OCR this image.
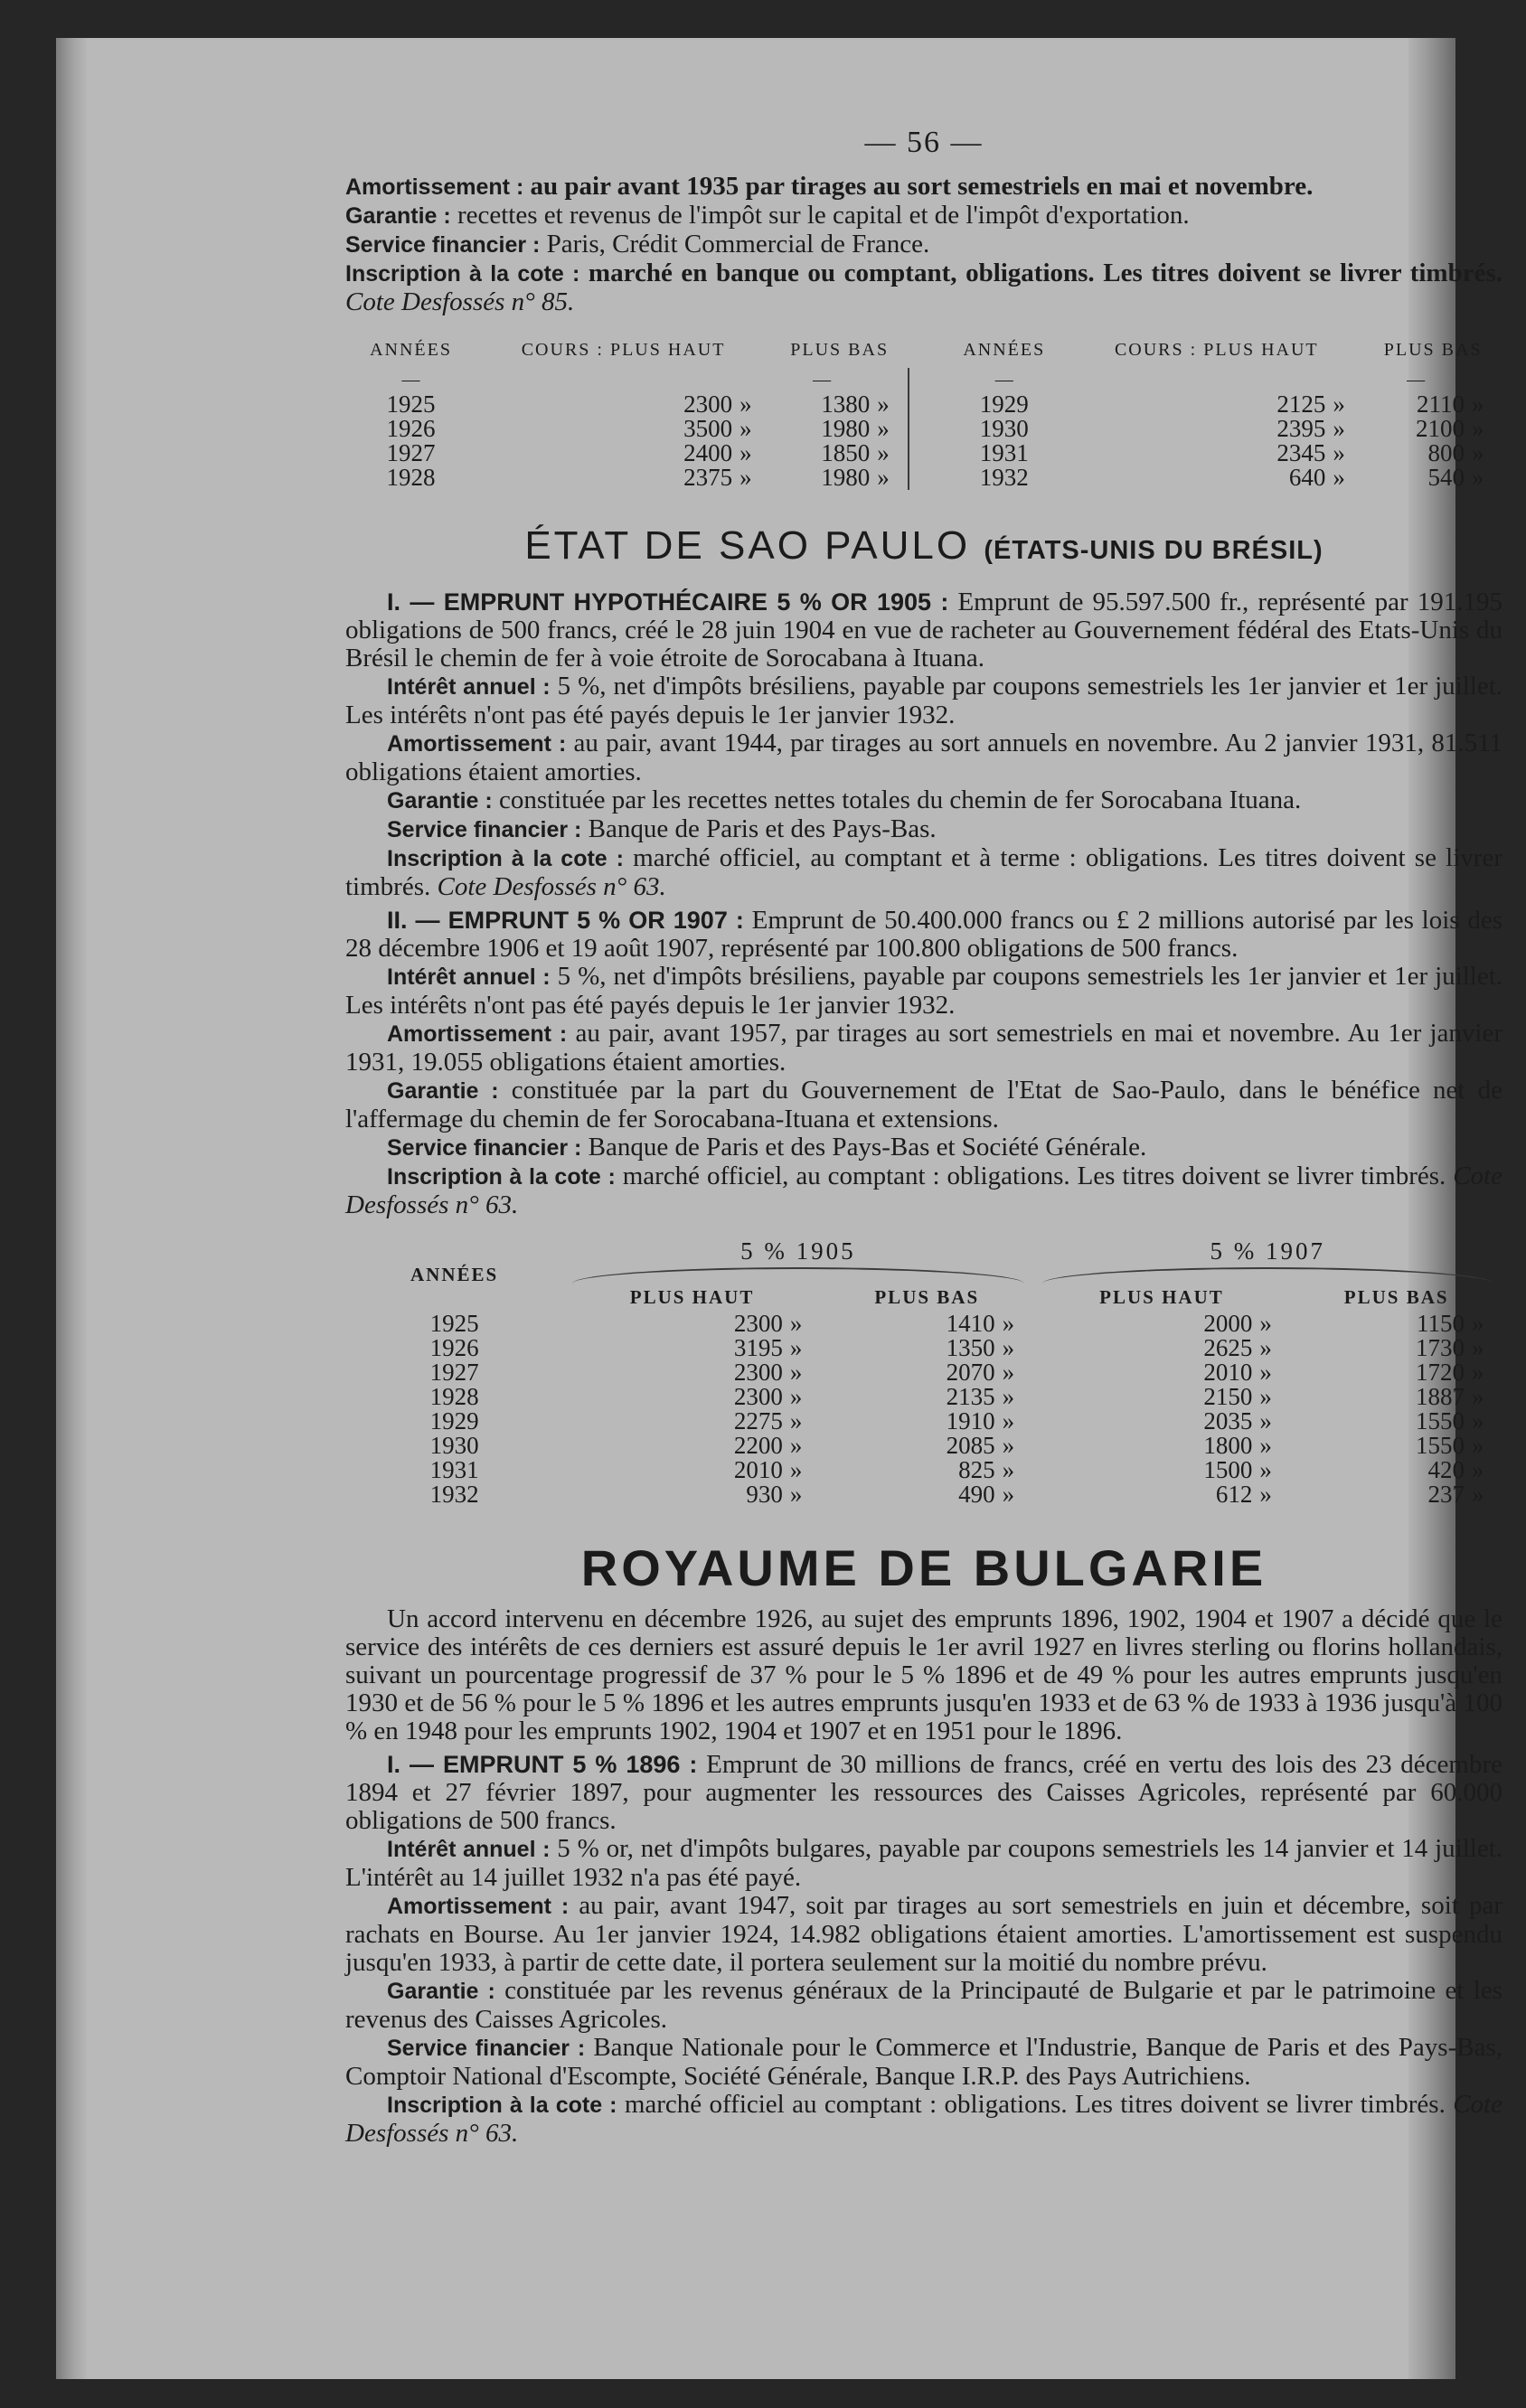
— 56 —

Amortissement : au pair avant 1935 par tirages au sort semestriels en mai et novembre.

Garantie : recettes et revenus de l'impôt sur le capital et de l'impôt d'exportation.

Service financier : Paris, Crédit Commercial de France.

Inscription à la cote : marché en banque ou comptant, obligations. Les titres doivent se livrer timbrés. Cote Desfossés n° 85.

ANNÉES	COURS : PLUS HAUT		PLUS BAS			ANNÉES	COURS : PLUS HAUT		PLUS BAS	
—			—			—			—	
1925	2300	»	1380	»		1929	2125	»	2110	»
1926	3500	»	1980	»		1930	2395	»	2100	»
1927	2400	»	1850	»		1931	2345	»	800	»
1928	2375	»	1980	»		1932	640	»	540	»
ÉTAT DE SAO PAULO (ÉTATS-UNIS DU BRÉSIL)

I. — EMPRUNT HYPOTHÉCAIRE 5 % OR 1905 : Emprunt de 95.597.500 fr., représenté par 191.195 obligations de 500 francs, créé le 28 juin 1904 en vue de racheter au Gouvernement fédéral des Etats-Unis du Brésil le chemin de fer à voie étroite de Sorocabana à Ituana.

Intérêt annuel : 5 %, net d'impôts brésiliens, payable par coupons semestriels les 1er janvier et 1er juillet. Les intérêts n'ont pas été payés depuis le 1er janvier 1932.

Amortissement : au pair, avant 1944, par tirages au sort annuels en novembre. Au 2 janvier 1931, 81.511 obligations étaient amorties.

Garantie : constituée par les recettes nettes totales du chemin de fer Sorocabana Ituana.

Service financier : Banque de Paris et des Pays-Bas.

Inscription à la cote : marché officiel, au comptant et à terme : obligations. Les titres doivent se livrer timbrés. Cote Desfossés n° 63.

II. — EMPRUNT 5 % OR 1907 : Emprunt de 50.400.000 francs ou £ 2 millions autorisé par les lois des 28 décembre 1906 et 19 août 1907, représenté par 100.800 obligations de 500 francs.

Intérêt annuel : 5 %, net d'impôts brésiliens, payable par coupons semestriels les 1er janvier et 1er juillet. Les intérêts n'ont pas été payés depuis le 1er janvier 1932.

Amortissement : au pair, avant 1957, par tirages au sort semestriels en mai et novembre. Au 1er janvier 1931, 19.055 obligations étaient amorties.

Garantie : constituée par la part du Gouvernement de l'Etat de Sao-Paulo, dans le bénéfice net de l'affermage du chemin de fer Sorocabana-Ituana et extensions.

Service financier : Banque de Paris et des Pays-Bas et Société Générale.

Inscription à la cote : marché officiel, au comptant : obligations. Les titres doivent se livrer timbrés. Cote Desfossés n° 63.

ANNÉES	5 % 1905				5 % 1907			

	PLUS HAUT		PLUS BAS		PLUS HAUT		PLUS BAS	
1925	2300	»	1410	»	2000	»	1150	»
1926	3195	»	1350	»	2625	»	1730	»
1927	2300	»	2070	»	2010	»	1720	»
1928	2300	»	2135	»	2150	»	1887	»
1929	2275	»	1910	»	2035	»	1550	»
1930	2200	»	2085	»	1800	»	1550	»
1931	2010	»	825	»	1500	»	420	»
1932	930	»	490	»	612	»	237	»
ROYAUME DE BULGARIE

Un accord intervenu en décembre 1926, au sujet des emprunts 1896, 1902, 1904 et 1907 a décidé que le service des intérêts de ces derniers est assuré depuis le 1er avril 1927 en livres sterling ou florins hollandais, suivant un pourcentage progressif de 37 % pour le 5 % 1896 et de 49 % pour les autres emprunts jusqu'en 1930 et de 56 % pour le 5 % 1896 et les autres emprunts jusqu'en 1933 et de 63 % de 1933 à 1936 jusqu'à 100 % en 1948 pour les emprunts 1902, 1904 et 1907 et en 1951 pour le 1896.

I. — EMPRUNT 5 % 1896 : Emprunt de 30 millions de francs, créé en vertu des lois des 23 décembre 1894 et 27 février 1897, pour augmenter les ressources des Caisses Agricoles, représenté par 60.000 obligations de 500 francs.

Intérêt annuel : 5 % or, net d'impôts bulgares, payable par coupons semestriels les 14 janvier et 14 juillet. L'intérêt au 14 juillet 1932 n'a pas été payé.

Amortissement : au pair, avant 1947, soit par tirages au sort semestriels en juin et décembre, soit par rachats en Bourse. Au 1er janvier 1924, 14.982 obligations étaient amorties. L'amortissement est suspendu jusqu'en 1933, à partir de cette date, il portera seulement sur la moitié du nombre prévu.

Garantie : constituée par les revenus généraux de la Principauté de Bulgarie et par le patrimoine et les revenus des Caisses Agricoles.

Service financier : Banque Nationale pour le Commerce et l'Industrie, Banque de Paris et des Pays-Bas, Comptoir National d'Escompte, Société Générale, Banque I.R.P. des Pays Autrichiens.

Inscription à la cote : marché officiel au comptant : obligations. Les titres doivent se livrer timbrés. Cote Desfossés n° 63.
